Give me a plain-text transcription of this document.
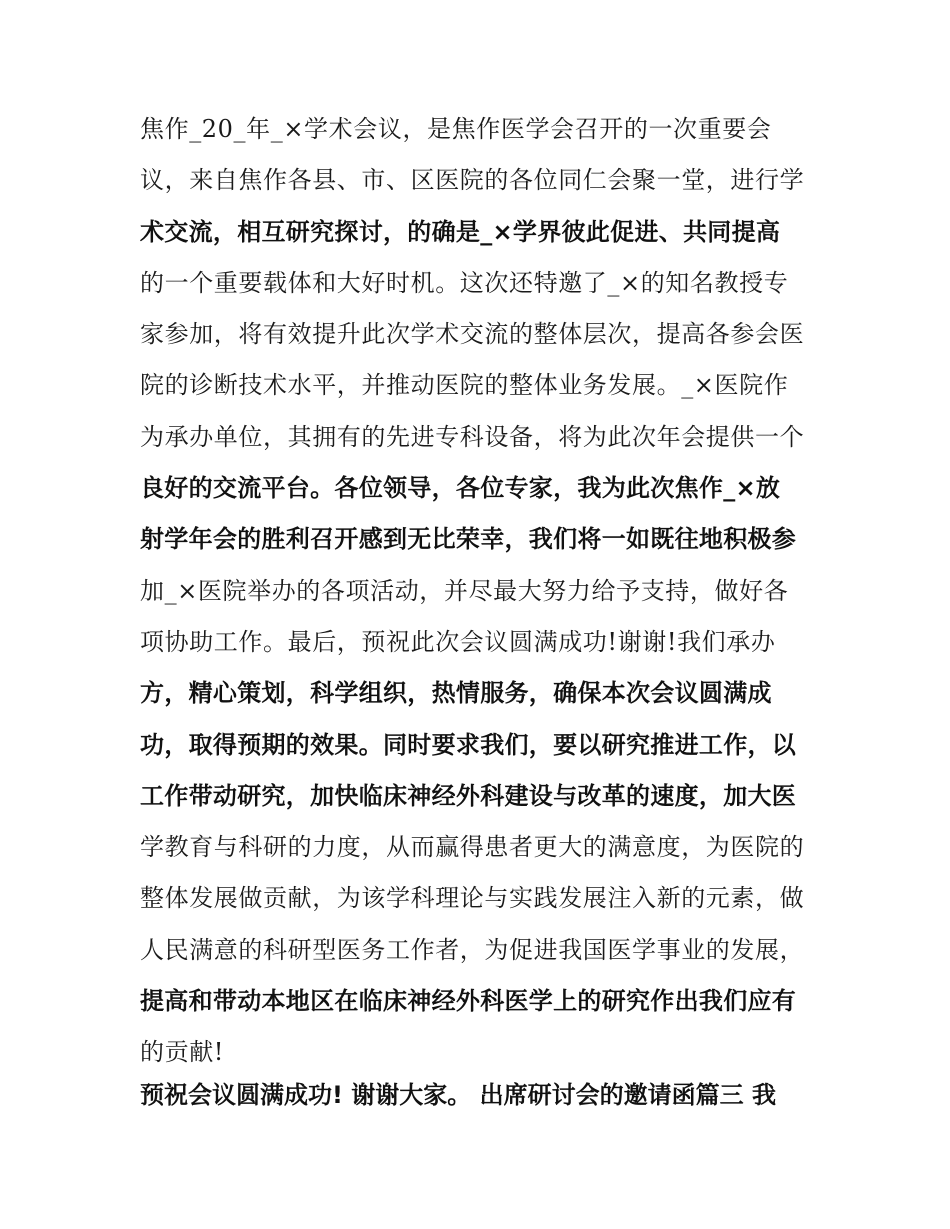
焦作_20_年_×学术会议，是焦作医学会召开的一次重要会
议，来自焦作各县、市、区医院的各位同仁会聚一堂，进行学
术交流，相互研究探讨，的确是_×学界彼此促进、共同提高
的一个重要载体和大好时机。这次还特邀了_×的知名教授专
家参加，将有效提升此次学术交流的整体层次，提高各参会医
院的诊断技术水平，并推动医院的整体业务发展。_×医院作
为承办单位，其拥有的先进专科设备，将为此次年会提供一个
良好的交流平台。各位领导，各位专家，我为此次焦作_×放
射学年会的胜利召开感到无比荣幸，我们将一如既往地积极参
加_×医院举办的各项活动，并尽最大努力给予支持，做好各
项协助工作。最后，预祝此次会议圆满成功!谢谢!我们承办
方，精心策划，科学组织，热情服务，确保本次会议圆满成
功，取得预期的效果。同时要求我们，要以研究推进工作，以
工作带动研究，加快临床神经外科建设与改革的速度，加大医
学教育与科研的力度，从而赢得患者更大的满意度，为医院的
整体发展做贡献，为该学科理论与实践发展注入新的元素，做
人民满意的科研型医务工作者，为促进我国医学事业的发展，
提高和带动本地区在临床神经外科医学上的研究作出我们应有
的贡献!
预祝会议圆满成功! 谢谢大家。 出席研讨会的邀请函篇三 我
